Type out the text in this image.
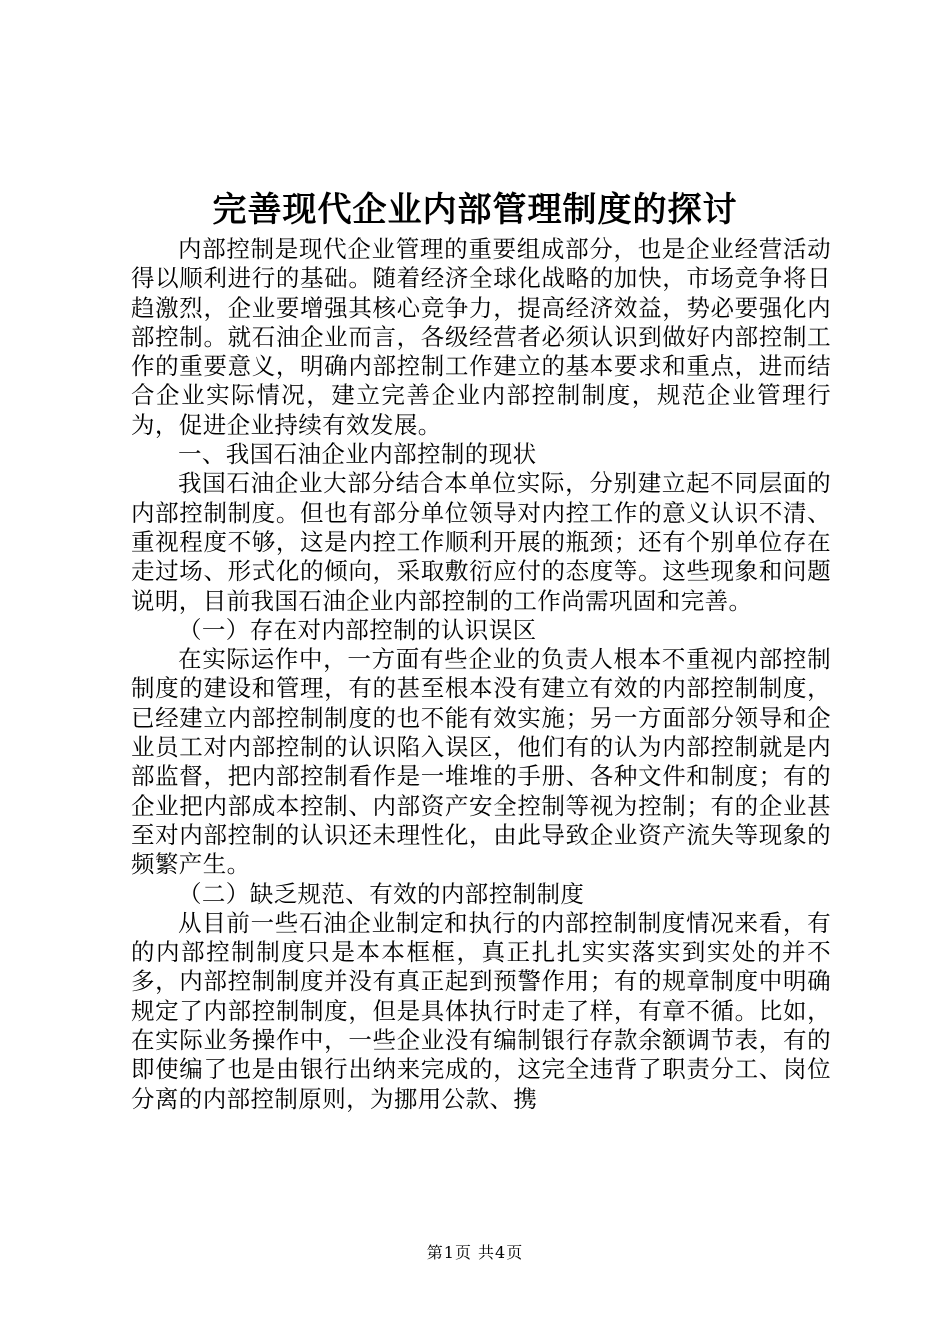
完善现代企业内部管理制度的探讨

内部控制是现代企业管理的重要组成部分，也是企业经营活动得以顺利进行的基础。随着经济全球化战略的加快，市场竞争将日趋激烈，企业要增强其核心竞争力，提高经济效益，势必要强化内部控制。就石油企业而言，各级经营者必须认识到做好内部控制工作的重要意义，明确内部控制工作建立的基本要求和重点，进而结合企业实际情况，建立完善企业内部控制制度，规范企业管理行为，促进企业持续有效发展。

一、我国石油企业内部控制的现状

我国石油企业大部分结合本单位实际，分别建立起不同层面的内部控制制度。但也有部分单位领导对内控工作的意义认识不清、重视程度不够，这是内控工作顺利开展的瓶颈；还有个别单位存在走过场、形式化的倾向，采取敷衍应付的态度等。这些现象和问题说明，目前我国石油企业内部控制的工作尚需巩固和完善。

（一）存在对内部控制的认识误区

在实际运作中，一方面有些企业的负责人根本不重视内部控制制度的建设和管理，有的甚至根本没有建立有效的内部控制制度，已经建立内部控制制度的也不能有效实施；另一方面部分领导和企业员工对内部控制的认识陷入误区，他们有的认为内部控制就是内部监督，把内部控制看作是一堆堆的手册、各种文件和制度；有的企业把内部成本控制、内部资产安全控制等视为控制；有的企业甚至对内部控制的认识还未理性化，由此导致企业资产流失等现象的频繁产生。

（二）缺乏规范、有效的内部控制制度

从目前一些石油企业制定和执行的内部控制制度情况来看，有的内部控制制度只是本本框框，真正扎扎实实落实到实处的并不多，内部控制制度并没有真正起到预警作用；有的规章制度中明确规定了内部控制制度，但是具体执行时走了样，有章不循。比如，在实际业务操作中，一些企业没有编制银行存款余额调节表，有的即使编了也是由银行出纳来完成的，这完全违背了职责分工、岗位分离的内部控制原则，为挪用公款、携

第1页 共4页
